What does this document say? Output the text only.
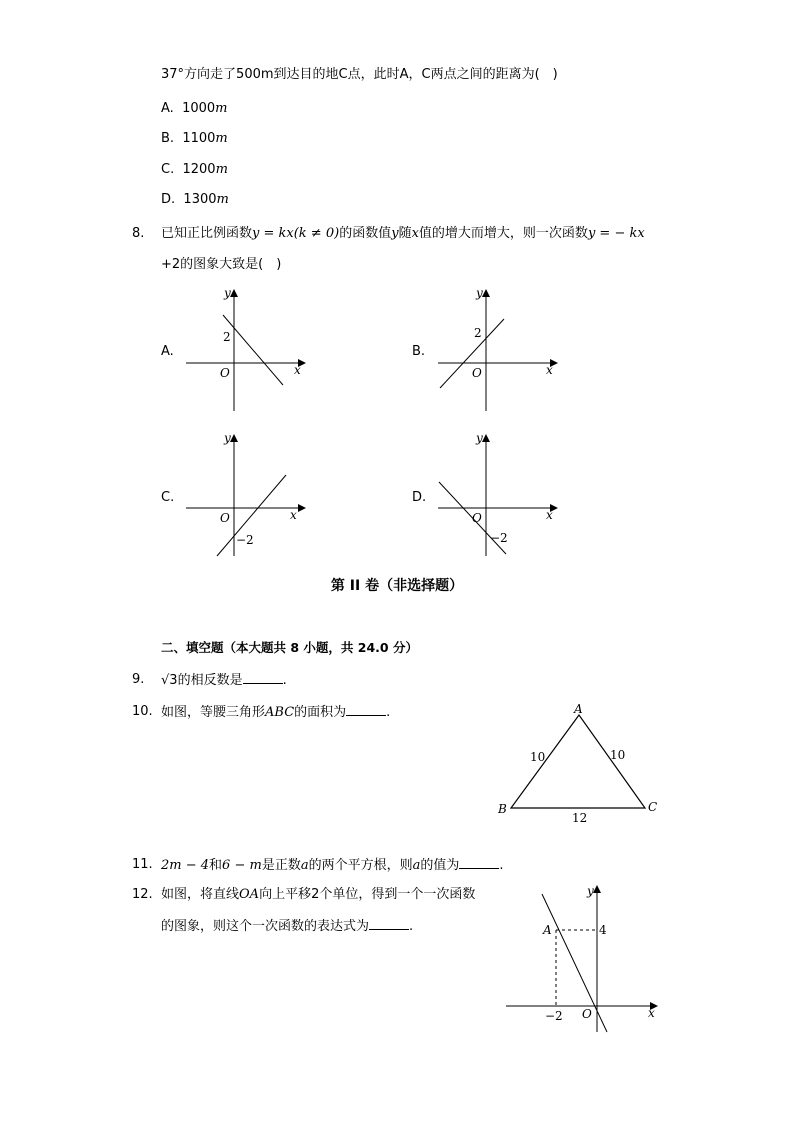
37°方向走了500m到达目的地C点，此时A，C两点之间的距离为(　)
A. 1000m
B. 1100m
C. 1200m
D. 1300m
8. 已知正比例函数y = kx(k ≠ 0)的函数值y随x值的增大而增大，则一次函数y = − kx
+2的图象大致是(　)
A.
y
x
O
2
B.
y
x
O
2
C.
y
x
O
−2
D.
y
x
O
−2
第 II 卷（非选择题）
二、填空题（本大题共 8 小题，共 24.0 分）
9. √3的相反数是	.
10. 如图，等腰三角形ABC的面积为	.	A
B	C
10	10
12
11. 2m − 4和6 − m是正数a的两个平方根，则a的值为	.
12. 如图，将直线OA向上平移2个单位，得到一个一次函数
的图象，则这个一次函数的表达式为	.
y
x
O
A	4
−2
